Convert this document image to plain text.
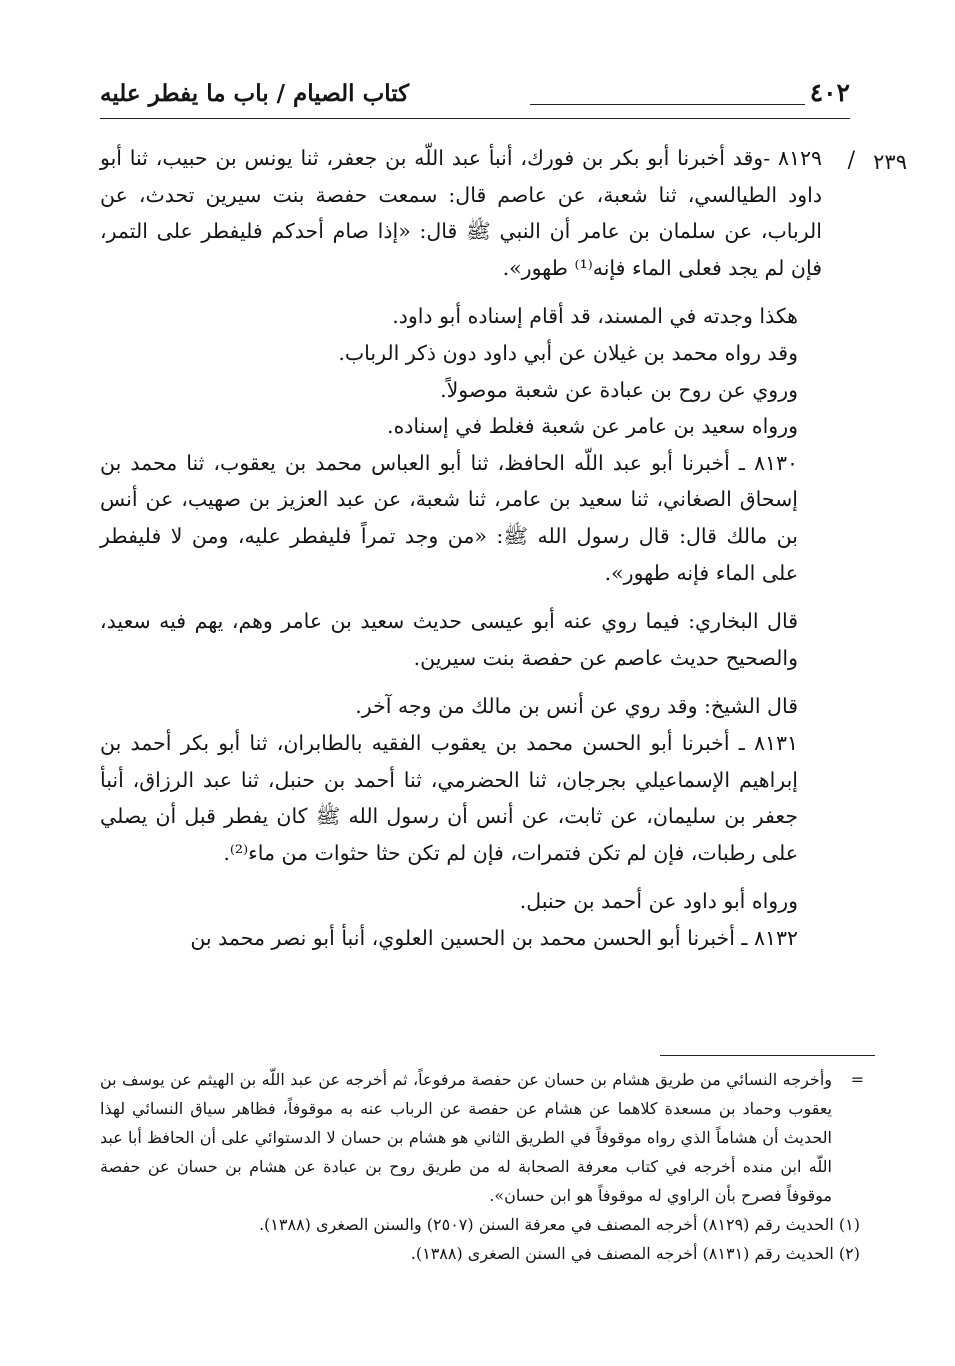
٤٠٢
كتاب الصيام / باب ما يفطر عليه
٢٣٩
/

٨١٢٩ -وقد أخبرنا أبو بكر بن فورك، أنبأ عبد اللّه بن جعفر، ثنا يونس بن حبيب، ثنا أبو داود الطيالسي، ثنا شعبة، عن عاصم قال: سمعت حفصة بنت سيرين تحدث، عن الرباب، عن سلمان بن عامر أن النبي ﷺ قال: «إذا صام أحدكم فليفطر على التمر، فإن لم يجد فعلى الماء فإنه⁽¹⁾ طهور».

هكذا وجدته في المسند، قد أقام إسناده أبو داود.

وقد رواه محمد بن غيلان عن أبي داود دون ذكر الرباب.

وروي عن روح بن عبادة عن شعبة موصولاً.

ورواه سعيد بن عامر عن شعبة فغلط في إسناده.

٨١٣٠ ـ أخبرنا أبو عبد اللّه الحافظ، ثنا أبو العباس محمد بن يعقوب، ثنا محمد بن إسحاق الصغاني، ثنا سعيد بن عامر، ثنا شعبة، عن عبد العزيز بن صهيب، عن أنس بن مالك قال: قال رسول الله ﷺ: «من وجد تمراً فليفطر عليه، ومن لا فليفطر على الماء فإنه طهور».

قال البخاري: فيما روي عنه أبو عيسى حديث سعيد بن عامر وهم، يهم فيه سعيد، والصحيح حديث عاصم عن حفصة بنت سيرين.

قال الشيخ: وقد روي عن أنس بن مالك من وجه آخر.

٨١٣١ ـ أخبرنا أبو الحسن محمد بن يعقوب الفقيه بالطابران، ثنا أبو بكر أحمد بن إبراهيم الإسماعيلي بجرجان، ثنا الحضرمي، ثنا أحمد بن حنبل، ثنا عبد الرزاق، أنبأ جعفر بن سليمان، عن ثابت، عن أنس أن رسول الله ﷺ كان يفطر قبل أن يصلي على رطبات، فإن لم تكن فتمرات، فإن لم تكن حثا حثوات من ماء⁽²⁾.

ورواه أبو داود عن أحمد بن حنبل.

٨١٣٢ ـ أخبرنا أبو الحسن محمد بن الحسين العلوي، أنبأ أبو نصر محمد بن

=
وأخرجه النسائي من طريق هشام بن حسان عن حفصة مرفوعاً، ثم أخرجه عن عبد اللّه بن الهيثم عن يوسف بن يعقوب وحماد بن مسعدة كلاهما عن هشام عن حفصة عن الرباب عنه به موقوفاً، فظاهر سياق النسائي لهذا الحديث أن هشاماً الذي رواه موقوفاً في الطريق الثاني هو هشام بن حسان لا الدستوائي على أن الحافظ أبا عبد اللّه ابن منده أخرجه في كتاب معرفة الصحابة له من طريق روح بن عبادة عن هشام بن حسان عن حفصة موقوفاً فصرح بأن الراوي له موقوفاً هو ابن حسان».

(١) الحديث رقم (٨١٢٩) أخرجه المصنف في معرفة السنن (٢٥٠٧) والسنن الصغرى (١٣٨٨).

(٢) الحديث رقم (٨١٣١) أخرجه المصنف في السنن الصغرى (١٣٨٨).
